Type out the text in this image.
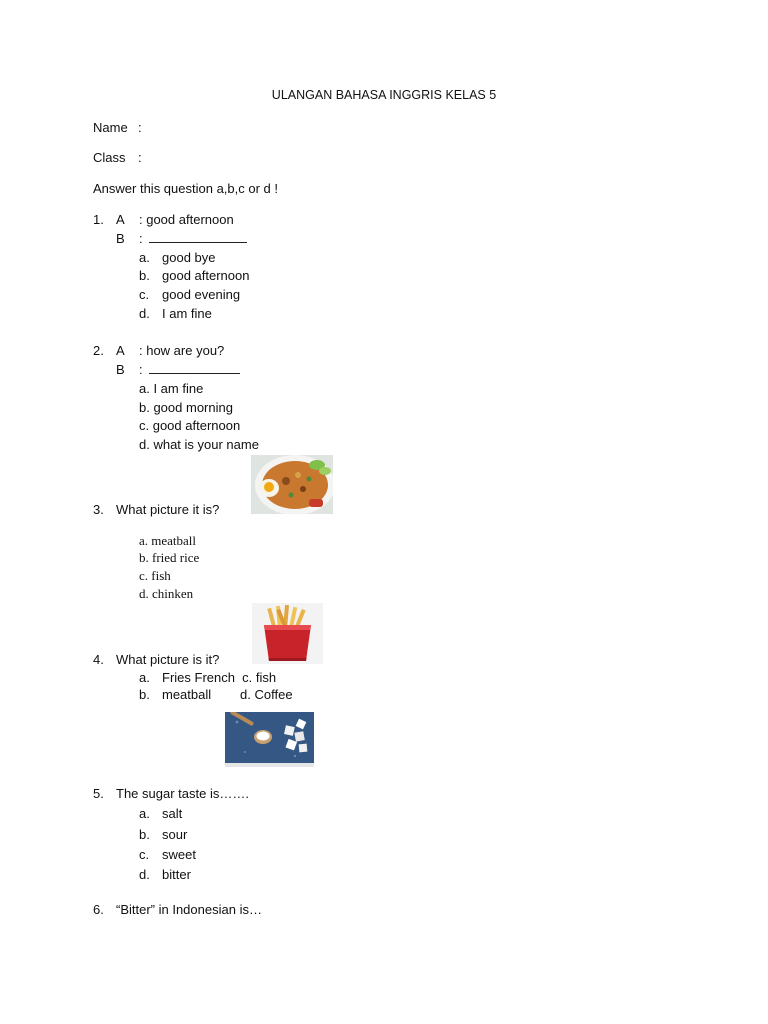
ULANGAN BAHASA INGGRIS KELAS 5
Name :
Class :
Answer this question a,b,c or d !
1. A : good afternoon
B :
a. good bye
b. good afternoon
c. good evening
d. I am fine
2. A : how are you?
B :
a. I am fine
b. good morning
c. good afternoon
d. what is your name
3. What picture it is?
a. meatball
b. fried rice
c. fish
d. chinken
4. What picture is it?
a. Fries French  c. fish
b. meatball        d. Coffee
5. The sugar taste is…….
a. salt
b. sour
c. sweet
d. bitter
6. “Bitter” in Indonesian is…
